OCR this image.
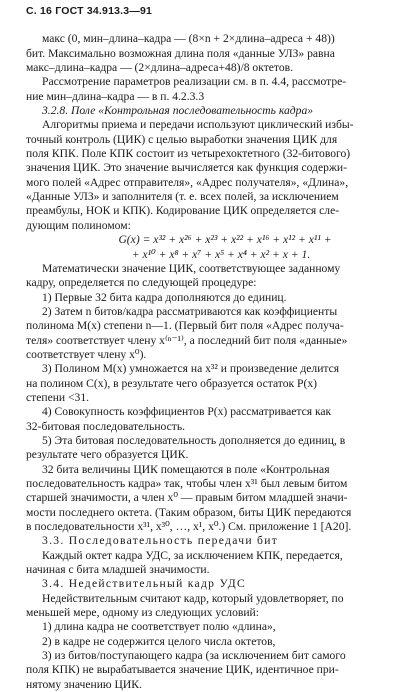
С. 16 ГОСТ 34.913.3—91
макс (0, мин–длина–кадра — (8×n + 2×длина–адреса + 48))
бит. Максимально возможная длина поля «данные УЛЗ» равна
макс–длина–кадра — (2×длина–адреса+48)/8 октетов.
Рассмотрение параметров реализации см. в п. 4.4, рассмотре-
ние мин–длина–кадра — в п. 4.2.3.3
3.2.8. Поле «Контрольная последовательность кадра»
Алгоритмы приема и передачи используют циклический избы-
точный контроль (ЦИК) с целью выработки значения ЦИК для
поля КПК. Поле КПК состоит из четырехоктетного (32-битового)
значения ЦИК. Это значение вычисляется как функция содержи-
мого полей «Адрес отправителя», «Адрес получателя», «Длина»,
«Данные УЛЗ» и заполнителя (т. е. всех полей, за исключением
преамбулы, НОК и КПК). Кодирование ЦИК определяется сле-
дующим полиномом:
G(x) = x³² + x²⁶ + x²³ + x²² + x¹⁶ + x¹² + x¹¹ +
+ x¹⁰ + x⁸ + x⁷ + x⁵ + x⁴ + x² + x + 1.
Математически значение ЦИК, соответствующее заданному
кадру, определяется по следующей процедуре:
1) Первые 32 бита кадра дополняются до единиц.
2) Затем n битов/кадра рассматриваются как коэффициенты
полинома M(x) степени n—1. (Первый бит поля «Адрес получа-
теля» соответствует члену x⁽ⁿ⁻¹⁾, а последний бит поля «данные»
соответствует члену x⁰).
3) Полином M(x) умножается на x³² и произведение делится
на полином C(x), в результате чего образуется остаток P(x)
степени <31.
4) Совокупность коэффициентов P(x) рассматривается как
32-битовая последовательность.
5) Эта битовая последовательность дополняется до единиц, в
результате чего образуется ЦИК.
32 бита величины ЦИК помещаются в поле «Контрольная
последовательность кадра» так, чтобы член x³¹ был левым битом
старшей значимости, а член x⁰ — правым битом младшей значи-
мости последнего октета. (Таким образом, биты ЦИК передаются
в последовательности x³¹, x³⁰, …, x¹, x⁰.) См. приложение 1 [А20].
3.3. Последовательность передачи бит
Каждый октет кадра УДС, за исключением КПК, передается,
начиная с бита младшей значимости.
3.4. Недействительный кадр УДС
Недействительным считают кадр, который удовлетворяет, по
меньшей мере, одному из следующих условий:
1) длина кадра не соответствует полю «длина»,
2) в кадре не содержится целого числа октетов,
3) из битов/поступающего кадра (за исключением бит самого
поля КПК) не вырабатывается значение ЦИК, идентичное при-
нятому значению ЦИК.
